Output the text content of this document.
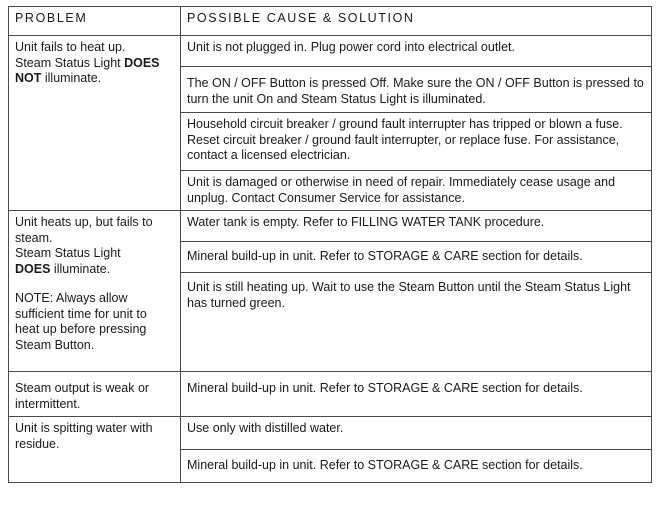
PROBLEM	POSSIBLE CAUSE & SOLUTION
Unit fails to heat up.
Steam Status Light DOES
NOT illuminate.	Unit is not plugged in. Plug power cord into electrical outlet.
	The ON / OFF Button is pressed Off. Make sure the ON / OFF Button is pressed to turn the unit On and Steam Status Light is illuminated.
	Household circuit breaker / ground fault interrupter has tripped or blown a fuse. Reset circuit breaker / ground fault interrupter, or replace fuse. For assistance, contact a licensed electrician.
	Unit is damaged or otherwise in need of repair. Immediately cease usage and unplug. Contact Consumer Service for assistance.
Unit heats up, but fails to steam.
Steam Status Light
DOES illuminate.
NOTE: Always allow sufficient time for unit to heat up before pressing Steam Button.	Water tank is empty. Refer to FILLING WATER TANK procedure.
	Mineral build-up in unit. Refer to STORAGE & CARE section for details.
	Unit is still heating up. Wait to use the Steam Button until the Steam Status Light has turned green.
Steam output is weak or intermittent.	Mineral build-up in unit. Refer to STORAGE & CARE section for details.
Unit is spitting water with residue.	Use only with distilled water.
	Mineral build-up in unit. Refer to STORAGE & CARE section for details.
